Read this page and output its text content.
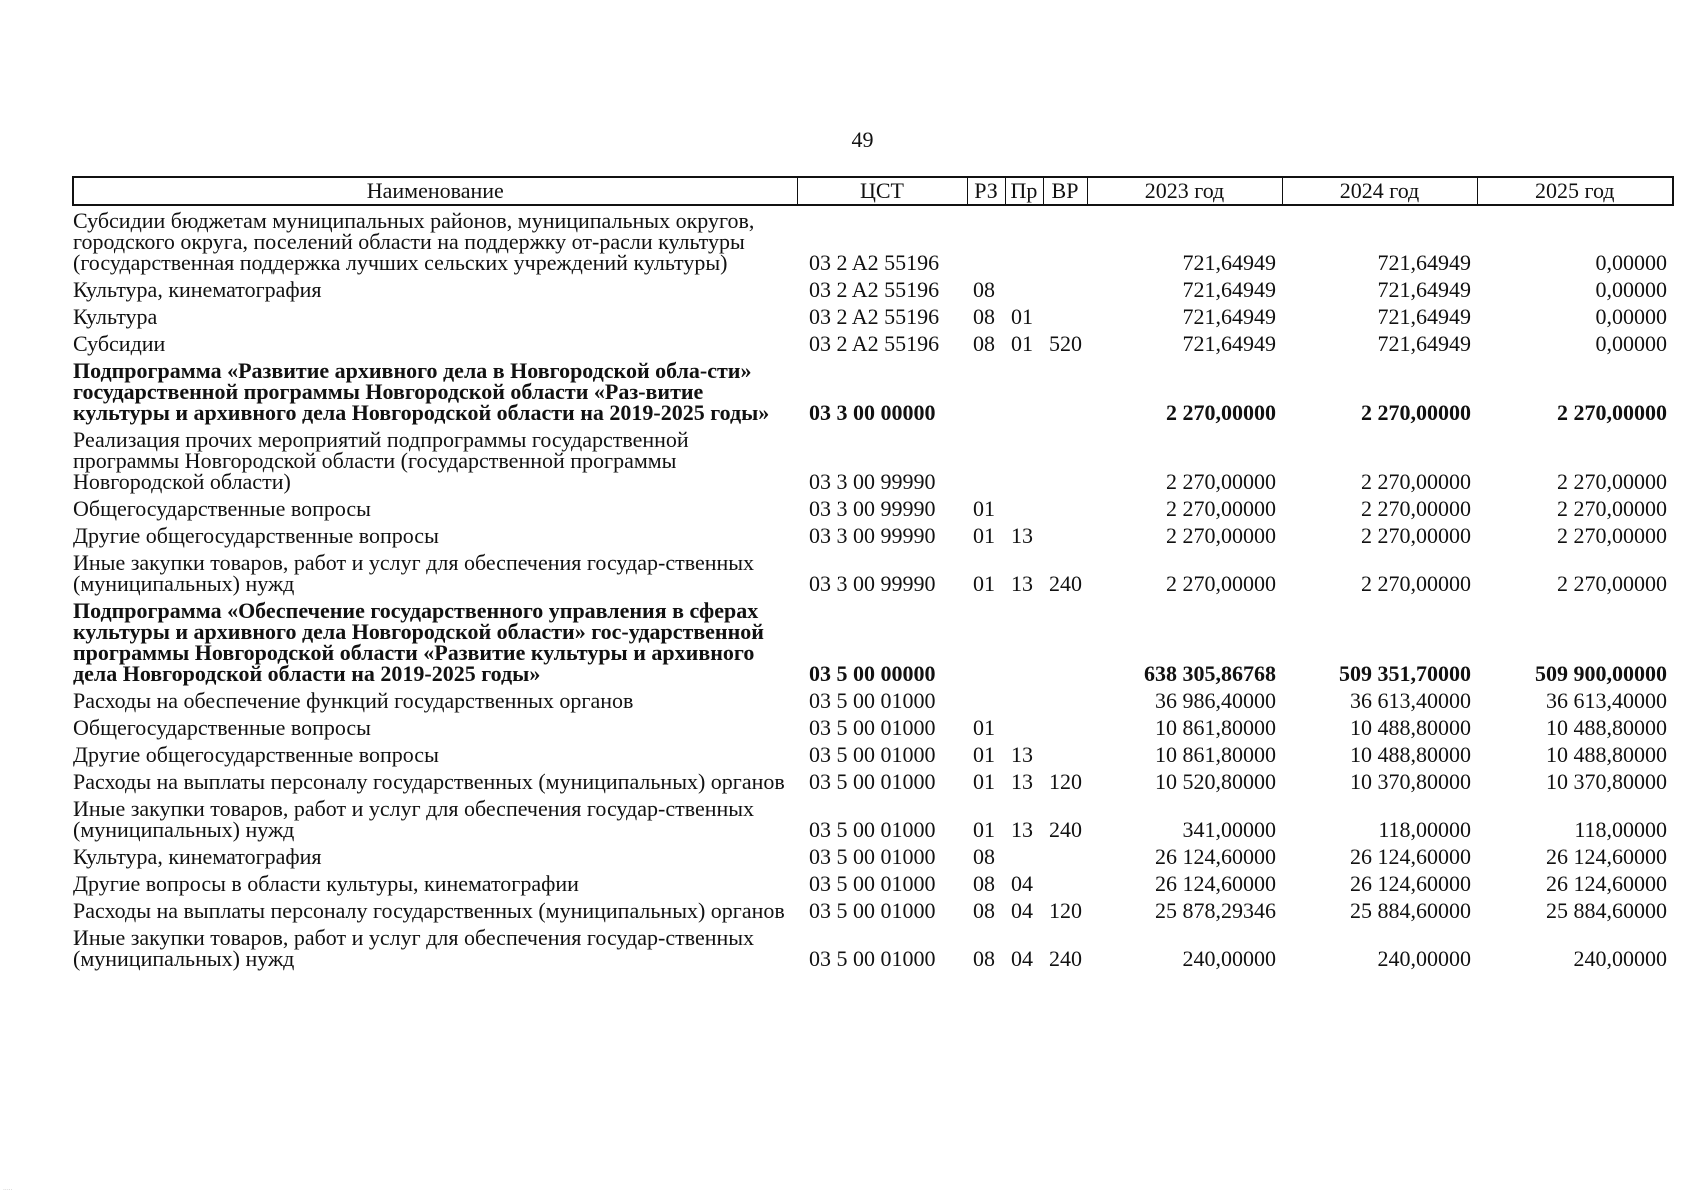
49
Наименование	ЦСТ	РЗ	Пр	ВР	2023 год	2024 год	2025 год
Субсидии бюджетам муниципальных районов, муниципальных округов, городского округа, поселений области на поддержку от-расли культуры (государственная поддержка лучших сельских учреждений культуры)	03 2 A2 55196				721,64949	721,64949	0,00000
Культура, кинематография	03 2 A2 55196	08			721,64949	721,64949	0,00000
Культура	03 2 A2 55196	08	01		721,64949	721,64949	0,00000
Субсидии	03 2 A2 55196	08	01	520	721,64949	721,64949	0,00000
Подпрограмма «Развитие архивного дела в Новгородской обла-сти» государственной программы Новгородской области «Раз-витие культуры и архивного дела Новгородской области на 2019-2025 годы»	03 3 00 00000				2 270,00000	2 270,00000	2 270,00000
Реализация прочих мероприятий подпрограммы государственной программы Новгородской области (государственной программы Новгородской области)	03 3 00 99990				2 270,00000	2 270,00000	2 270,00000
Общегосударственные вопросы	03 3 00 99990	01			2 270,00000	2 270,00000	2 270,00000
Другие общегосударственные вопросы	03 3 00 99990	01	13		2 270,00000	2 270,00000	2 270,00000
Иные закупки товаров, работ и услуг для обеспечения государ-ственных (муниципальных) нужд	03 3 00 99990	01	13	240	2 270,00000	2 270,00000	2 270,00000
Подпрограмма «Обеспечение государственного управления в сферах культуры и архивного дела Новгородской области» гос-ударственной программы Новгородской области «Развитие культуры и архивного дела Новгородской области на 2019-2025 годы»	03 5 00 00000				638 305,86768	509 351,70000	509 900,00000
Расходы на обеспечение функций государственных органов	03 5 00 01000				36 986,40000	36 613,40000	36 613,40000
Общегосударственные вопросы	03 5 00 01000	01			10 861,80000	10 488,80000	10 488,80000
Другие общегосударственные вопросы	03 5 00 01000	01	13		10 861,80000	10 488,80000	10 488,80000
Расходы на выплаты персоналу государственных (муниципальных) органов	03 5 00 01000	01	13	120	10 520,80000	10 370,80000	10 370,80000
Иные закупки товаров, работ и услуг для обеспечения государ-ственных (муниципальных) нужд	03 5 00 01000	01	13	240	341,00000	118,00000	118,00000
Культура, кинематография	03 5 00 01000	08			26 124,60000	26 124,60000	26 124,60000
Другие вопросы в области культуры, кинематографии	03 5 00 01000	08	04		26 124,60000	26 124,60000	26 124,60000
Расходы на выплаты персоналу государственных (муниципальных) органов	03 5 00 01000	08	04	120	25 878,29346	25 884,60000	25 884,60000
Иные закупки товаров, работ и услуг для обеспечения государ-ственных (муниципальных) нужд	03 5 00 01000	08	04	240	240,00000	240,00000	240,00000
·····
